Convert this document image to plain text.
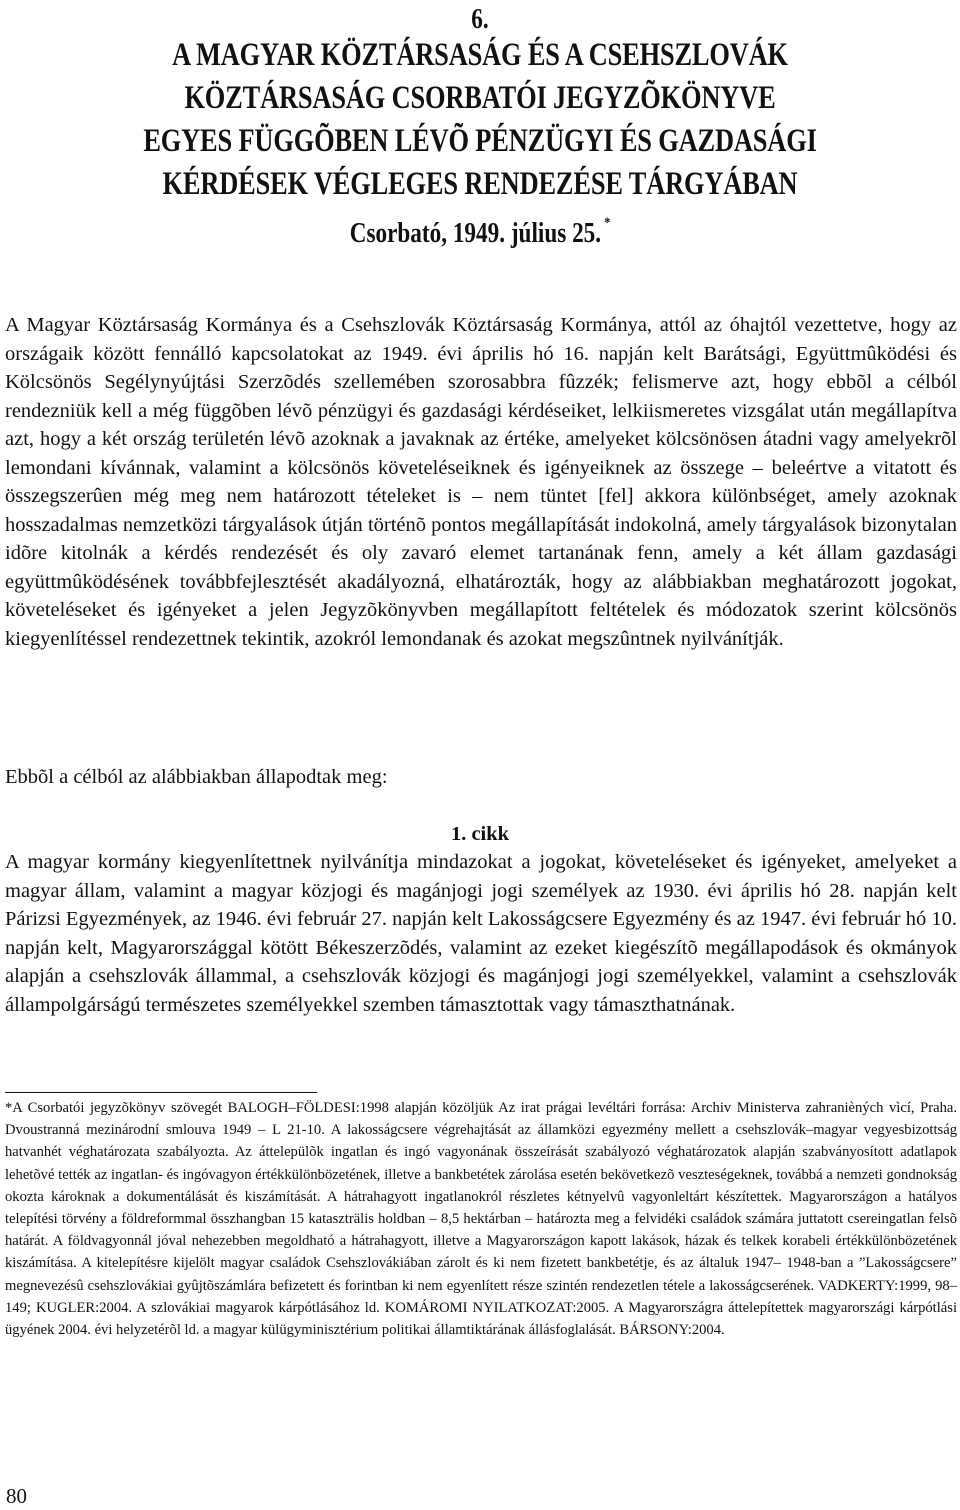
6.
A MAGYAR KÖZTÁRSASÁG ÉS A CSEHSZLOVÁK
KÖZTÁRSASÁG CSORBATÓI JEGYZÕKÖNYVE
EGYES FÜGGÕBEN LÉVÕ PÉNZÜGYI ÉS GAZDASÁGI
KÉRDÉSEK VÉGLEGES RENDEZÉSE TÁRGYÁBAN
Csorbató, 1949. július 25. *

A Magyar Köztársaság Kormánya és a Csehszlovák Köztársaság Kormánya, attól az óhajtól vezettetve, hogy az országaik között fennálló kapcsolatokat az 1949. évi április hó 16. napján kelt Barátsági, Együttmûködési és Kölcsönös Segélynyújtási Szerzõdés szellemében szorosabbra fûzzék; felismerve azt, hogy ebbõl a célból rendezniük kell a még függõben lévõ pénzügyi és gazdasági kérdéseiket, lelkiismeretes vizsgálat után megállapítva azt, hogy a két ország területén lévõ azoknak a javaknak az értéke, amelyeket kölcsönösen átadni vagy amelyekrõl lemondani kívánnak, valamint a kölcsönös követeléseiknek és igényeiknek az összege – beleértve a vitatott és összegszerûen még meg nem határozott tételeket is – nem tüntet [fel] akkora különbséget, amely azoknak hosszadalmas nemzetközi tárgyalások útján történõ pontos megállapítását indokolná, amely tárgyalások bizonytalan idõre kitolnák a kérdés rendezését és oly zavaró elemet tartanának fenn, amely a két állam gazdasági együttmûködésének továbbfejlesztését akadályozná, elhatározták, hogy az alábbiakban meghatározott jogokat, követeléseket és igényeket a jelen Jegyzõkönyvben megállapított feltételek és módozatok szerint kölcsönös kiegyenlítéssel rendezettnek tekintik, azokról lemondanak és azokat megszûntnek nyilvánítják.

Ebbõl a célból az alábbiakban állapodtak meg:

1. cikk

A magyar kormány kiegyenlítettnek nyilvánítja mindazokat a jogokat, követeléseket és igényeket, amelyeket a magyar állam, valamint a magyar közjogi és magánjogi jogi személyek az 1930. évi április hó 28. napján kelt Párizsi Egyezmények, az 1946. évi február 27. napján kelt Lakosságcsere Egyezmény és az 1947. évi február hó 10. napján kelt, Magyarországgal kötött Békeszerzõdés, valamint az ezeket kiegészítõ megállapodások és okmányok alapján a csehszlovák állammal, a csehszlovák közjogi és magánjogi jogi személyekkel, valamint a csehszlovák állampolgárságú természetes személyekkel szemben támasztottak vagy támaszthatnának.

*A Csorbatói jegyzõkönyv szövegét BALOGH–FÖLDESI:1998 alapján közöljük Az irat prágai levéltári forrása: Archiv Ministerva zahranièných vìcí, Praha. Dvoustranná mezinárodní smlouva 1949 – L 21-10. A lakosságcsere végrehajtását az államközi egyezmény mellett a csehszlovák–magyar vegyesbizottság hatvanhét véghatározata szabályozta. Az áttelepülõk ingatlan és ingó vagyonának összeírását szabályozó véghatározatok alapján szabványosított adatlapok lehetõvé tették az ingatlan- és ingóvagyon értékkülönbözetének, illetve a bankbetétek zárolása esetén bekövetkezõ veszteségeknek, továbbá a nemzeti gondnokság okozta károknak a dokumentálását és kiszámítását. A hátrahagyott ingatlanokról részletes kétnyelvû vagyonleltárt készítettek. Magyarországon a hatályos telepítési törvény a földreformmal összhangban 15 kataszträlis holdban – 8,5 hektárban – határozta meg a felvidéki családok számára juttatott csereingatlan felsõ határát. A földvagyonnál jóval nehezebben megoldható a hátrahagyott, illetve a Magyarországon kapott lakások, házak és telkek korabeli értékkülönbözetének kiszámítása. A kitelepítésre kijelölt magyar családok Csehszlovákiában zárolt és ki nem fizetett bankbetétje, és az általuk 1947– 1948-ban a ”Lakosságcsere” megnevezésû csehszlovákiai gyûjtõszámlára befizetett és forintban ki nem egyenlített része szintén rendezetlen tétele a lakosságcserének. VADKERTY:1999, 98–149; KUGLER:2004. A szlovákiai magyarok kárpótlásához ld. KOMÁROMI NYILATKOZAT:2005. A Magyarországra áttelepítettek magyarországi kárpótlási ügyének 2004. évi helyzetérõl ld. a magyar külügyminisztérium politikai államtiktárának állásfoglalását. BÁRSONY:2004.

80
